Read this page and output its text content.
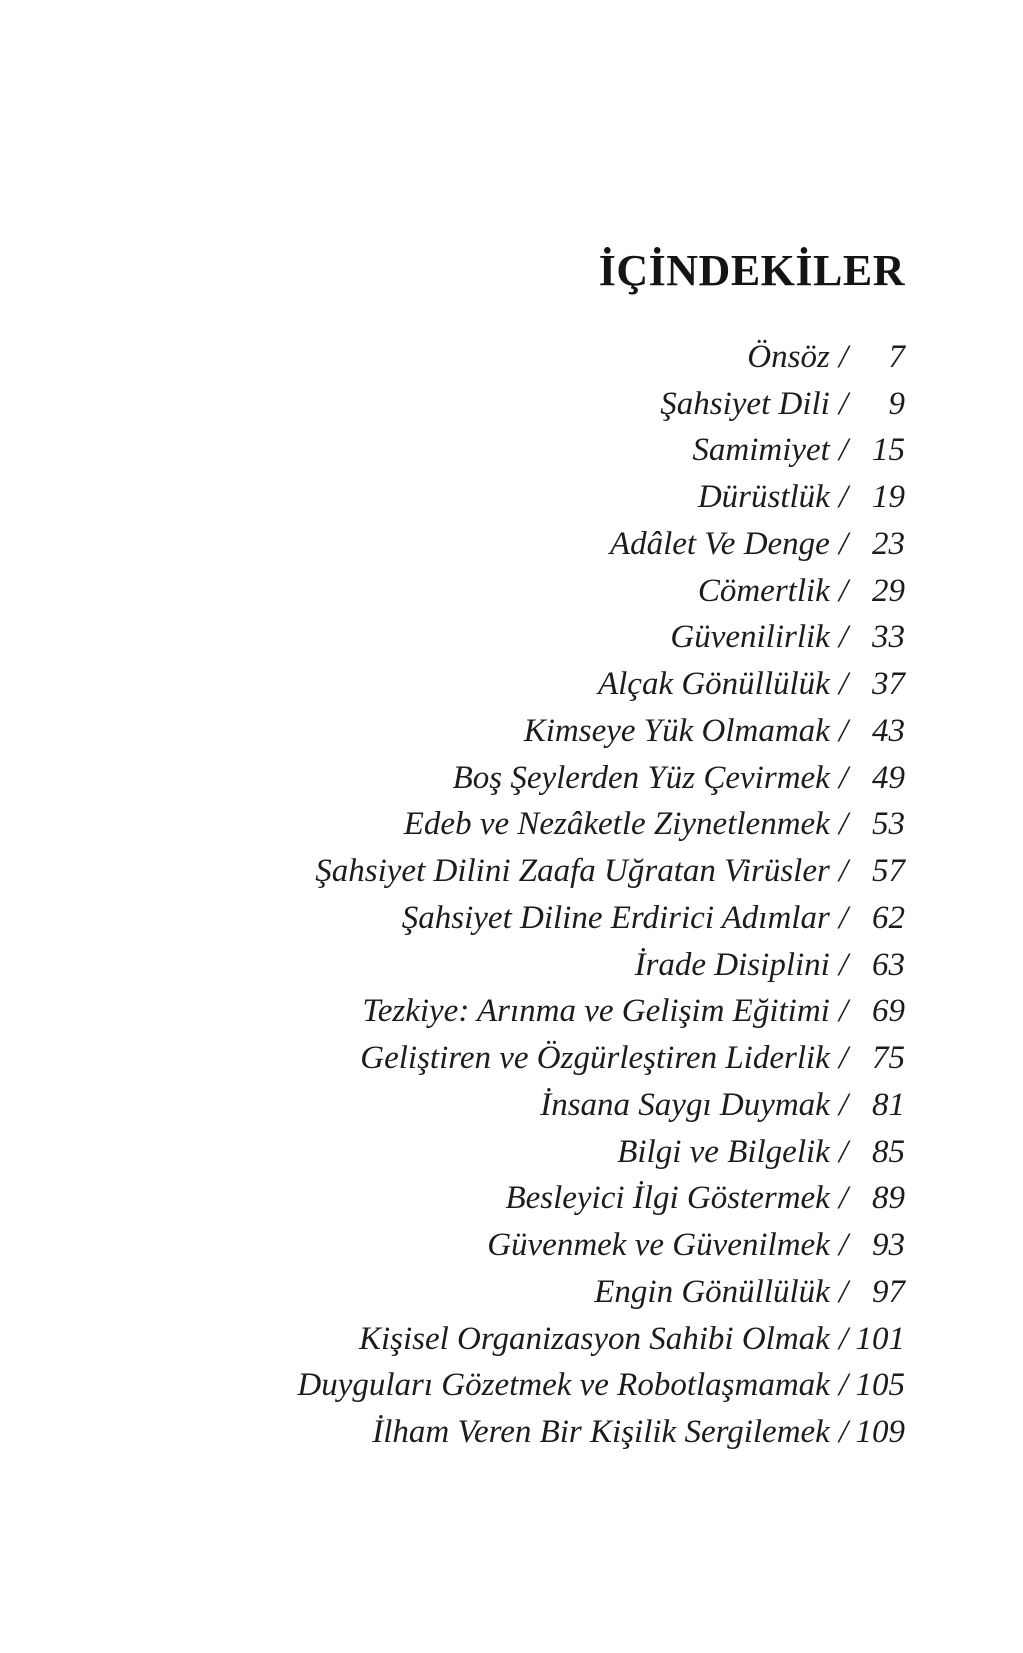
İÇİNDEKİLER
Önsöz /	7
Şahsiyet Dili /	9
Samimiyet / 15
Dürüstlük / 19
Adâlet Ve Denge / 23
Cömertlik / 29
Güvenilirlik / 33
Alçak Gönüllülük / 37
Kimseye Yük Olmamak / 43
Boş Şeylerden Yüz Çevirmek / 49
Edeb ve Nezâketle Ziynetlenmek / 53
Şahsiyet Dilini Zaafa Uğratan Virüsler / 57
Şahsiyet Diline Erdirici Adımlar / 62
İrade Disiplini / 63
Tezkiye: Arınma ve Gelişim Eğitimi / 69
Geliştiren ve Özgürleştiren Liderlik / 75
İnsana Saygı Duymak / 81
Bilgi ve Bilgelik / 85
Besleyici İlgi Göstermek / 89
Güvenmek ve Güvenilmek / 93
Engin Gönüllülük / 97
Kişisel Organizasyon Sahibi Olmak / 101
Duyguları Gözetmek ve Robotlaşmamak / 105
İlham Veren Bir Kişilik Sergilemek / 109
